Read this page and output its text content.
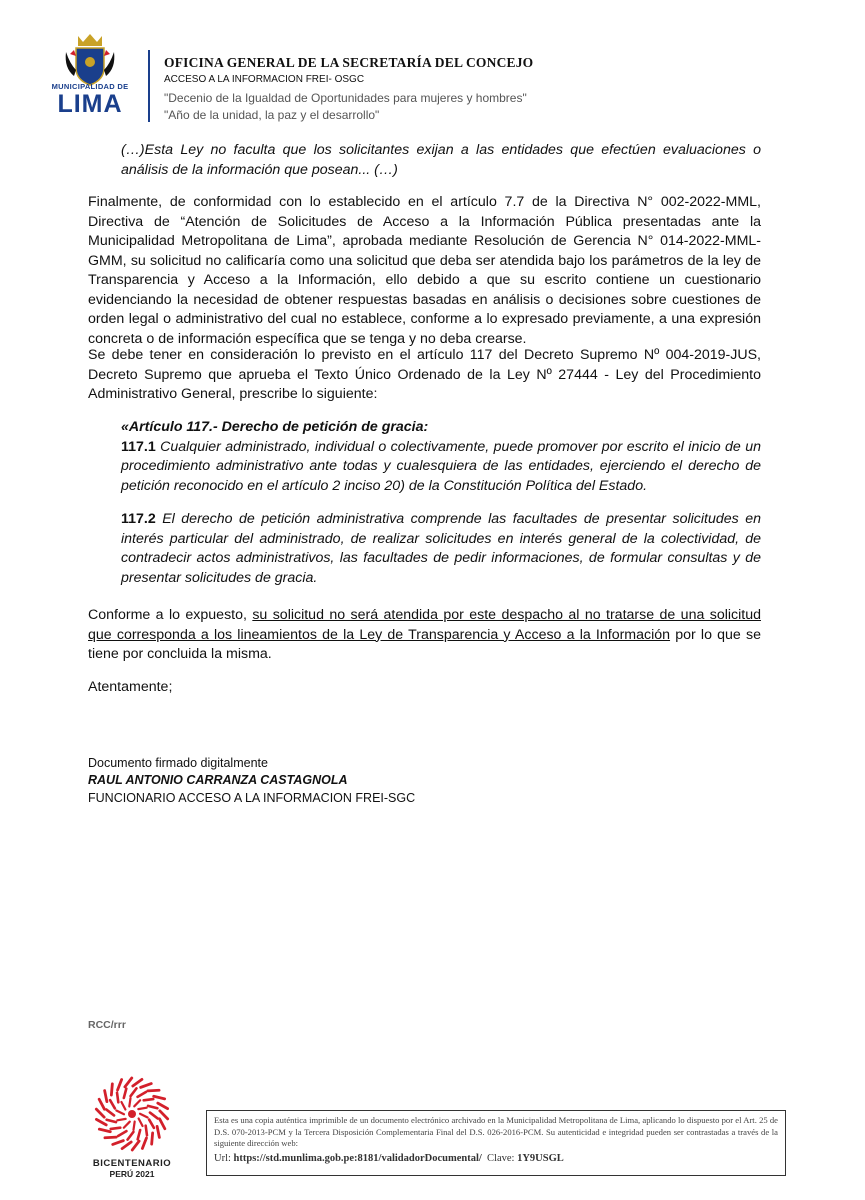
MUNICIPALIDAD DE
LIMA
OFICINA GENERAL DE LA SECRETARÍA DEL CONCEJO
ACCESO A LA INFORMACION FREI- OSGC
"Decenio de la Igualdad de Oportunidades para mujeres y hombres"
"Año de la unidad, la paz y el desarrollo"
(…)Esta Ley no faculta que los solicitantes exijan a las entidades que efectúen evaluaciones o análisis de la información que posean... (…)
Finalmente, de conformidad con lo establecido en el artículo 7.7 de la Directiva N° 002-2022-MML, Directiva de “Atención de Solicitudes de Acceso a la Información Pública presentadas ante la Municipalidad Metropolitana de Lima”, aprobada mediante Resolución de Gerencia N° 014-2022-MML-GMM, su solicitud no calificaría como una solicitud que deba ser atendida bajo los parámetros de la ley de Transparencia y Acceso a la Información, ello debido a que su escrito contiene un cuestionario evidenciando la necesidad de obtener respuestas basadas en análisis o decisiones sobre cuestiones de orden legal o administrativo del cual no establece, conforme a lo expresado previamente, a una expresión concreta o de información específica que se tenga y no deba crearse.
Se debe tener en consideración lo previsto en el artículo 117 del Decreto Supremo Nº 004-2019-JUS, Decreto Supremo que aprueba el Texto Único Ordenado de la Ley Nº 27444 - Ley del Procedimiento Administrativo General, prescribe lo siguiente:
«Artículo 117.- Derecho de petición de gracia:
117.1 Cualquier administrado, individual o colectivamente, puede promover por escrito el inicio de un procedimiento administrativo ante todas y cualesquiera de las entidades, ejerciendo el derecho de petición reconocido en el artículo 2 inciso 20) de la Constitución Política del Estado.
117.2 El derecho de petición administrativa comprende las facultades de presentar solicitudes en interés particular del administrado, de realizar solicitudes en interés general de la colectividad, de contradecir actos administrativos, las facultades de pedir informaciones, de formular consultas y de presentar solicitudes de gracia.
Conforme a lo expuesto, su solicitud no será atendida por este despacho al no tratarse de una solicitud que corresponda a los lineamientos de la Ley de Transparencia y Acceso a la Información por lo que se tiene por concluida la misma.
Atentamente;
Documento firmado digitalmente
RAUL ANTONIO CARRANZA CASTAGNOLA
FUNCIONARIO ACCESO A LA INFORMACION FREI-SGC
RCC/rrr
BICENTENARIO
PERÚ 2021
Esta es una copia auténtica imprimible de un documento electrónico archivado en la Municipalidad Metropolitana de Lima, aplicando lo dispuesto por el Art. 25 de D.S. 070-2013-PCM y la Tercera Disposición Complementaria Final del D.S. 026-2016-PCM. Su autenticidad e integridad pueden ser contrastadas a través de la siguiente dirección web:
Url: https://std.munlima.gob.pe:8181/validadorDocumental/  Clave: 1Y9USGL
